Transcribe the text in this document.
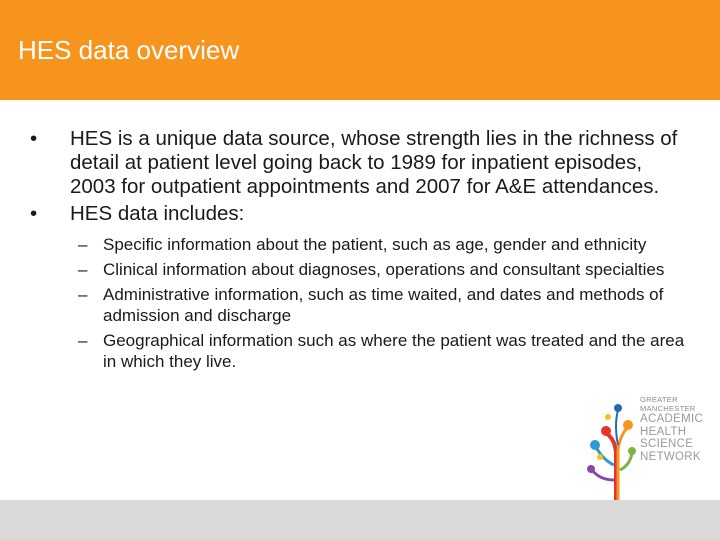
HES data overview
• HES is a unique data source, whose strength lies in the richness of detail at patient level going back to 1989 for inpatient episodes, 2003 for outpatient appointments and 2007 for A&E attendances.
• HES data includes:
– Specific information about the patient, such as age, gender and ethnicity
– Clinical information about diagnoses, operations and consultant specialties
– Administrative information, such as time waited, and dates and methods of admission and discharge
– Geographical information such as where the patient was treated and the area in which they live.
GREATER
MANCHESTER
ACADEMIC
HEALTH
SCIENCE
NETWORK
